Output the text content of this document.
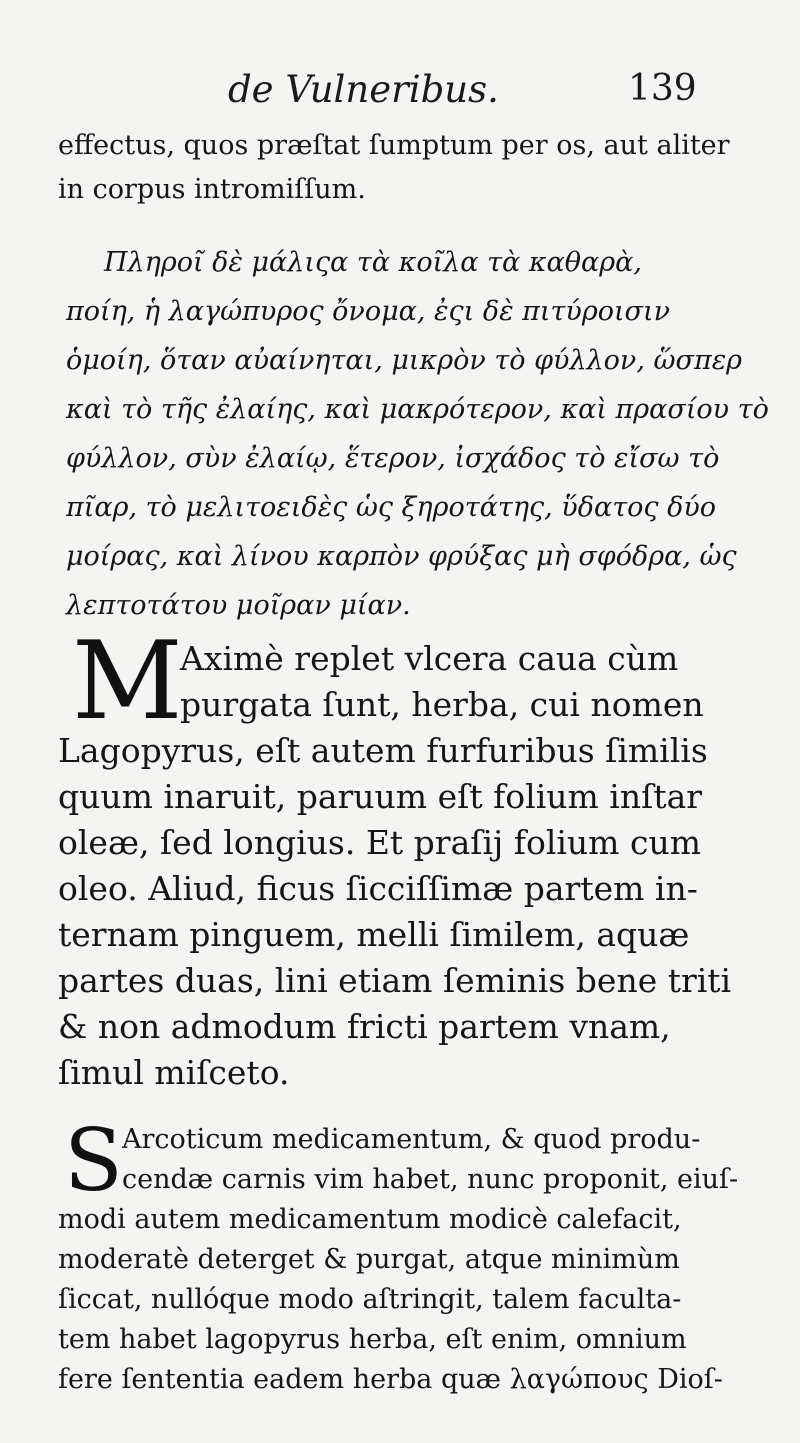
de Vulneribus.	139
effectus, quos præſtat ſumptum per os, aut aliter
in corpus intromiſſum.
Πληροῖ δὲ μάλιςα τὰ κοῖλα τὰ καθαρὰ,
ποίη, ἡ λαγώπυρος ὄνομα, ἐςι δὲ πιτύροισιν
ὁμοίη, ὅταν αὐαίνηται, μικρὸν τὸ φύλλον, ὥσπερ
καὶ τὸ τῆς ἐλαίης, καὶ μακρότερον, καὶ πρασίου τὸ
φύλλον, σὺν ἐλαίῳ, ἕτερον, ἰσχάδος τὸ εἴσω τὸ
πῖαρ, τὸ μελιτοειδὲς ὡς ξηροτάτης, ὕδατος δύο
μοίρας, καὶ λίνου καρπὸν φρύξας μὴ σφόδρα, ὡς
λεπτοτάτου μοῖραν μίαν.
M
Aximè replet vlcera caua cùm
purgata ſunt, herba, cui nomen
Lagopyrus, eſt autem furfuribus ſimilis
quum inaruit, paruum eſt folium inſtar
oleæ, ſed longius. Et praſij folium cum
oleo. Aliud, ficus ſicciſſimæ partem in-
ternam pinguem, melli ſimilem, aquæ
partes duas, lini etiam ſeminis bene triti
& non admodum fricti partem vnam,
ſimul miſceto.
S Arcoticum medicamentum, & quod produ-
cendæ carnis vim habet, nunc proponit, eiuſ-
modi autem medicamentum modicè calefacit,
moderatè deterget & purgat, atque minimùm
ſiccat, nullóque modo aſtringit, talem faculta-
tem habet lagopyrus herba, eſt enim, omnium
fere ſententia eadem herba quæ λαγώπους Dioſ-
